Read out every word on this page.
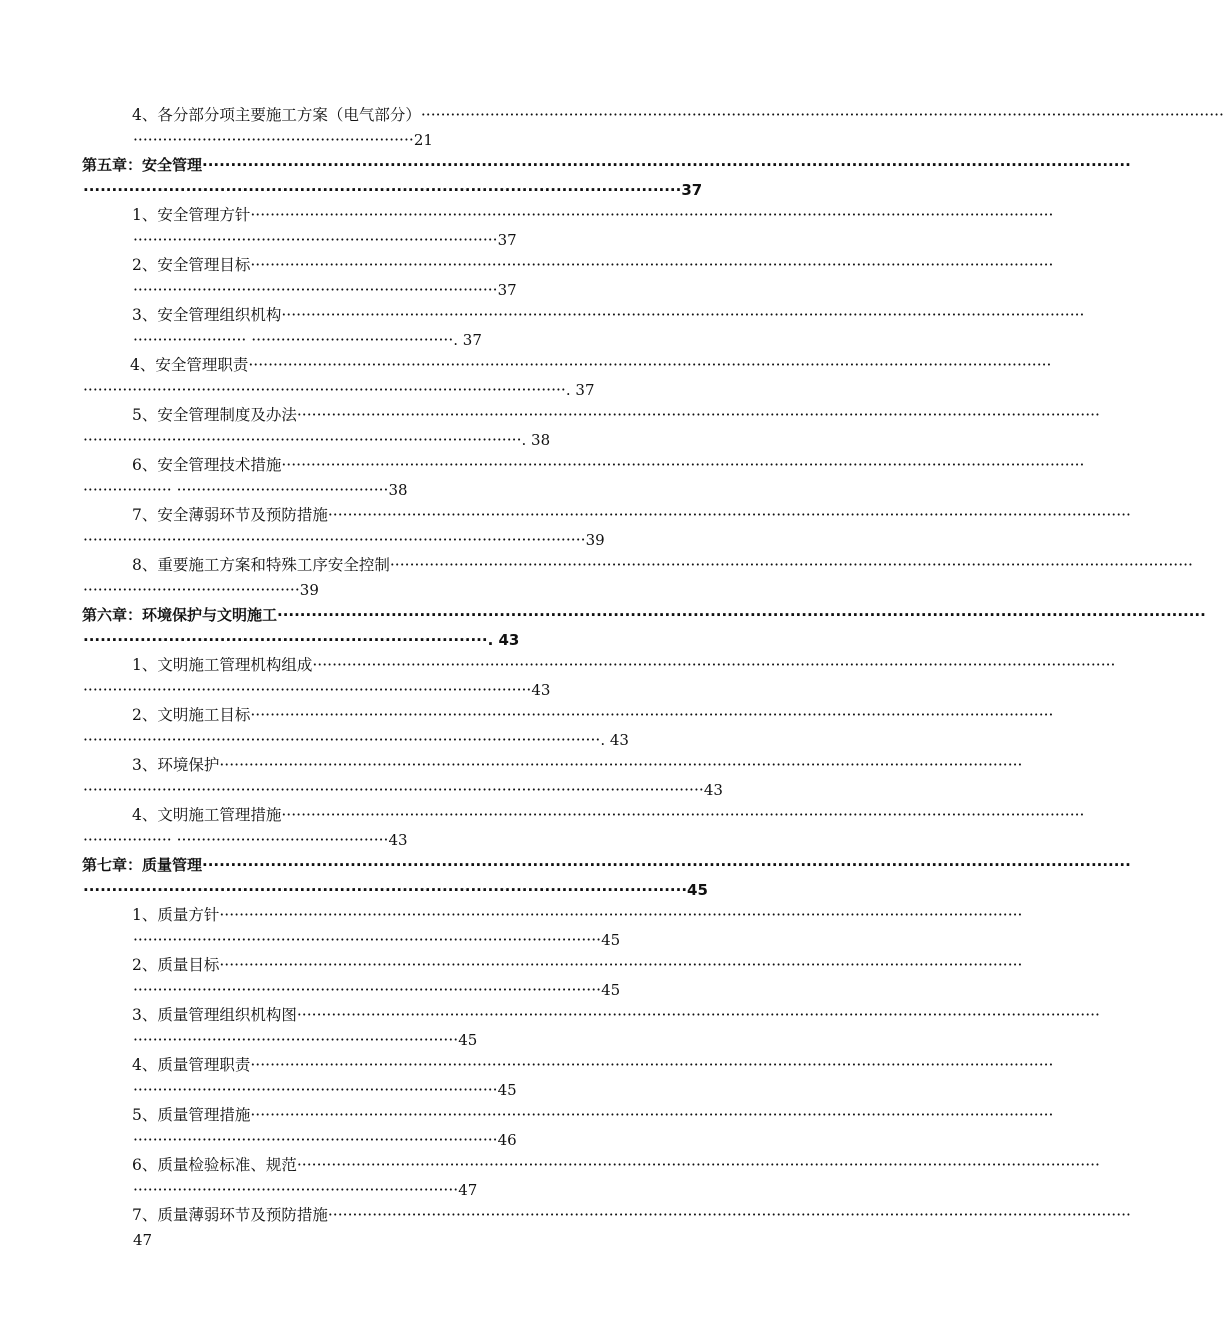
4、各分部分项主要施工方案（电气部分） ···································································································································································
·························································21
第五章：安全管理 ···································································································································································
·········································································································37
1、安全管理方针 ···································································································································································
··········································································37
2、安全管理目标 ···································································································································································
··········································································37
3、安全管理组织机构 ···································································································································································
······················· ·········································. 37
4、安全管理职责 ···································································································································································
··································································································. 37
5、安全管理制度及办法 ···································································································································································
·························································································. 38
6、安全管理技术措施 ···································································································································································
·················· ···········································38
7、安全薄弱环节及预防措施 ···································································································································································
······································································································39
8、重要施工方案和特殊工序安全控制 ···································································································································································
············································39
第六章：环境保护与文明施工 ···································································································································································
·······································································. 43
1、文明施工管理机构组成 ···································································································································································
···························································································43
2、文明施工目标 ···································································································································································
·········································································································. 43
3、环境保护 ···································································································································································
······························································································································43
4、文明施工管理措施 ···································································································································································
·················· ···········································43
第七章：质量管理 ···································································································································································
··········································································································45
1、质量方针 ···································································································································································
·······························································································45
2、质量目标 ···································································································································································
·······························································································45
3、质量管理组织机构图 ···································································································································································
··································································45
4、质量管理职责 ···································································································································································
··········································································45
5、质量管理措施 ···································································································································································
··········································································46
6、质量检验标准、规范 ···································································································································································
··································································47
7、质量薄弱环节及预防措施 ···································································································································································
47
